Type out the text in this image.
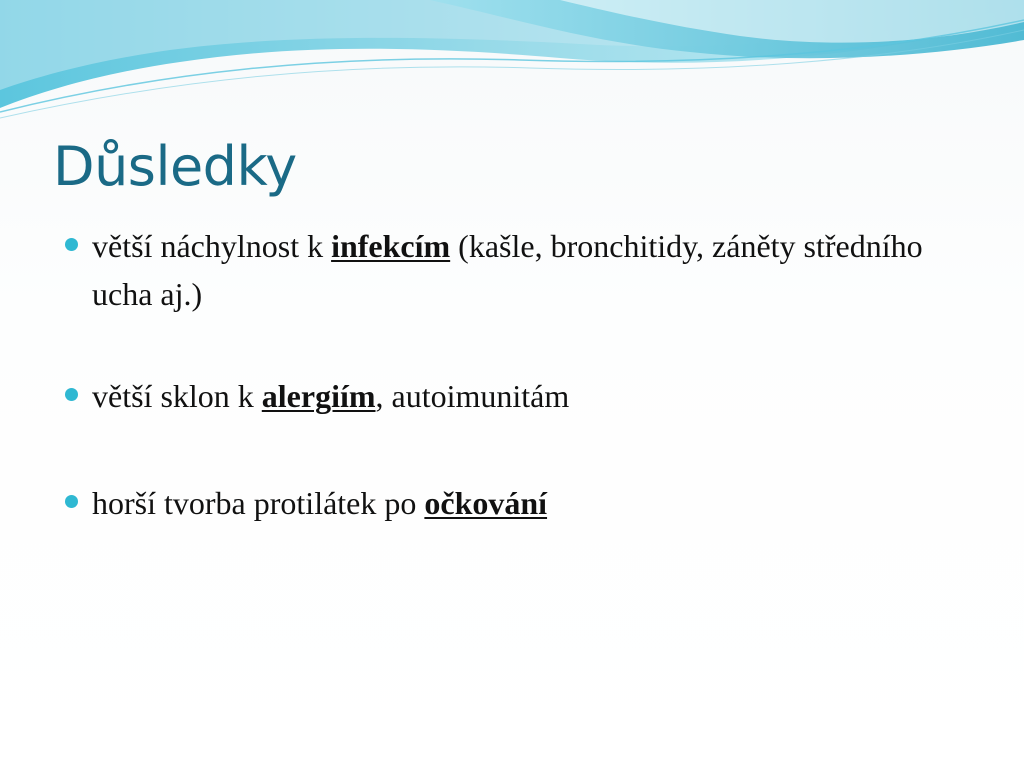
Důsledky
větší náchylnost k infekcím (kašle, bronchitidy, záněty středního ucha aj.)
větší sklon k alergiím, autoimunitám
horší tvorba protilátek po očkování
